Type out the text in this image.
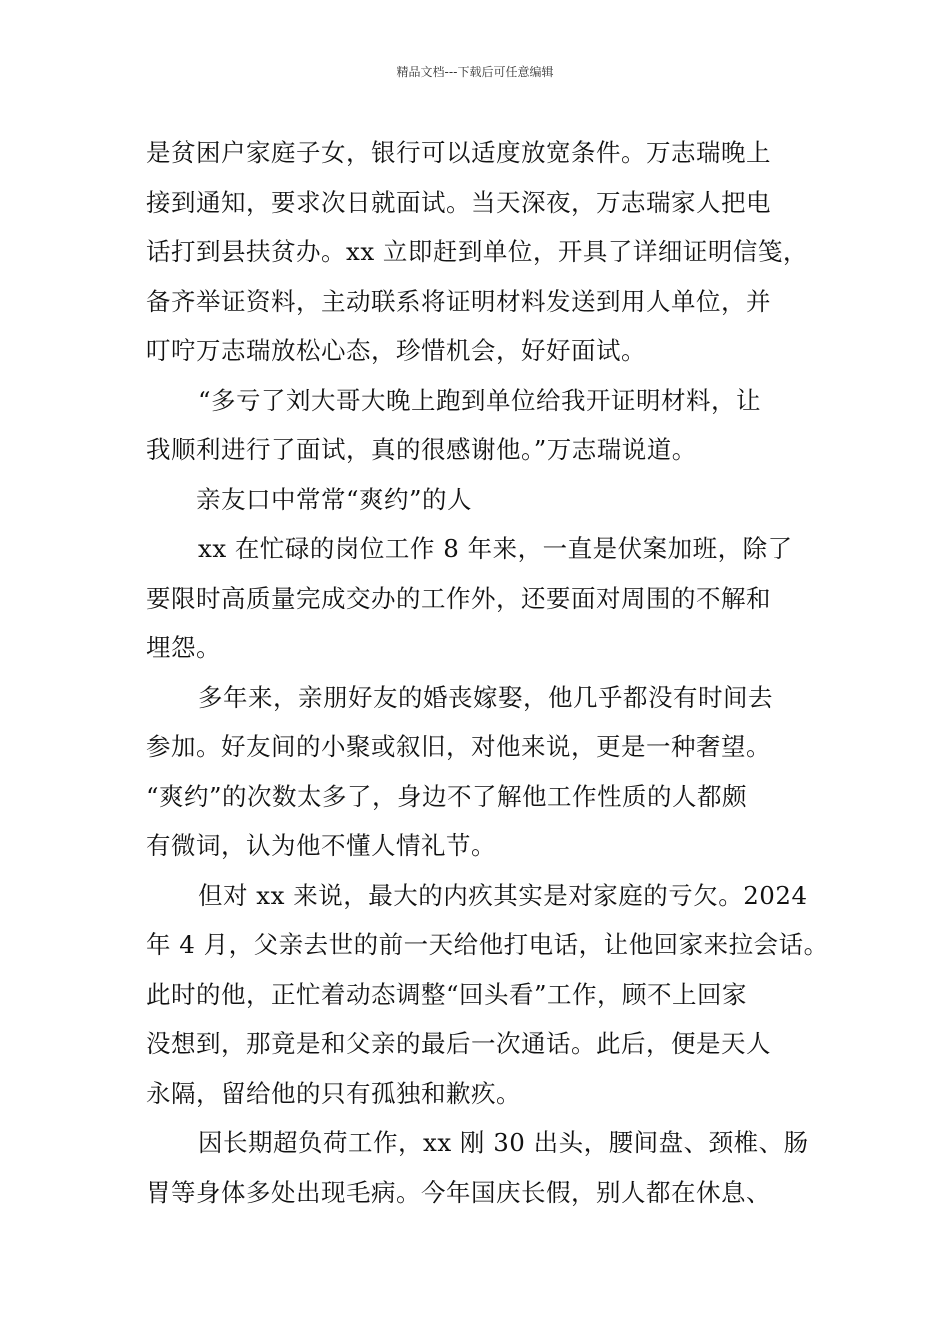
精品文档---下载后可任意编辑
是贫困户家庭子女，银行可以适度放宽条件。万志瑞晚上
接到通知，要求次日就面试。当天深夜，万志瑞家人把电
话打到县扶贫办。xx 立即赶到单位，开具了详细证明信笺，
备齐举证资料，主动联系将证明材料发送到用人单位，并
叮咛万志瑞放松心态，珍惜机会，好好面试。
“多亏了刘大哥大晚上跑到单位给我开证明材料，让
我顺利进行了面试，真的很感谢他。”万志瑞说道。
亲友口中常常“爽约”的人
xx 在忙碌的岗位工作 8 年来，一直是伏案加班，除了
要限时高质量完成交办的工作外，还要面对周围的不解和
埋怨。
多年来，亲朋好友的婚丧嫁娶，他几乎都没有时间去
参加。好友间的小聚或叙旧，对他来说，更是一种奢望。
“爽约”的次数太多了，身边不了解他工作性质的人都颇
有微词，认为他不懂人情礼节。
但对 xx 来说，最大的内疚其实是对家庭的亏欠。2024
年 4 月，父亲去世的前一天给他打电话，让他回家来拉会话。
此时的他，正忙着动态调整“回头看”工作，顾不上回家
没想到，那竟是和父亲的最后一次通话。此后，便是天人
永隔，留给他的只有孤独和歉疚。
因长期超负荷工作，xx 刚 30 出头，腰间盘、颈椎、肠
胃等身体多处出现毛病。今年国庆长假，别人都在休息、
